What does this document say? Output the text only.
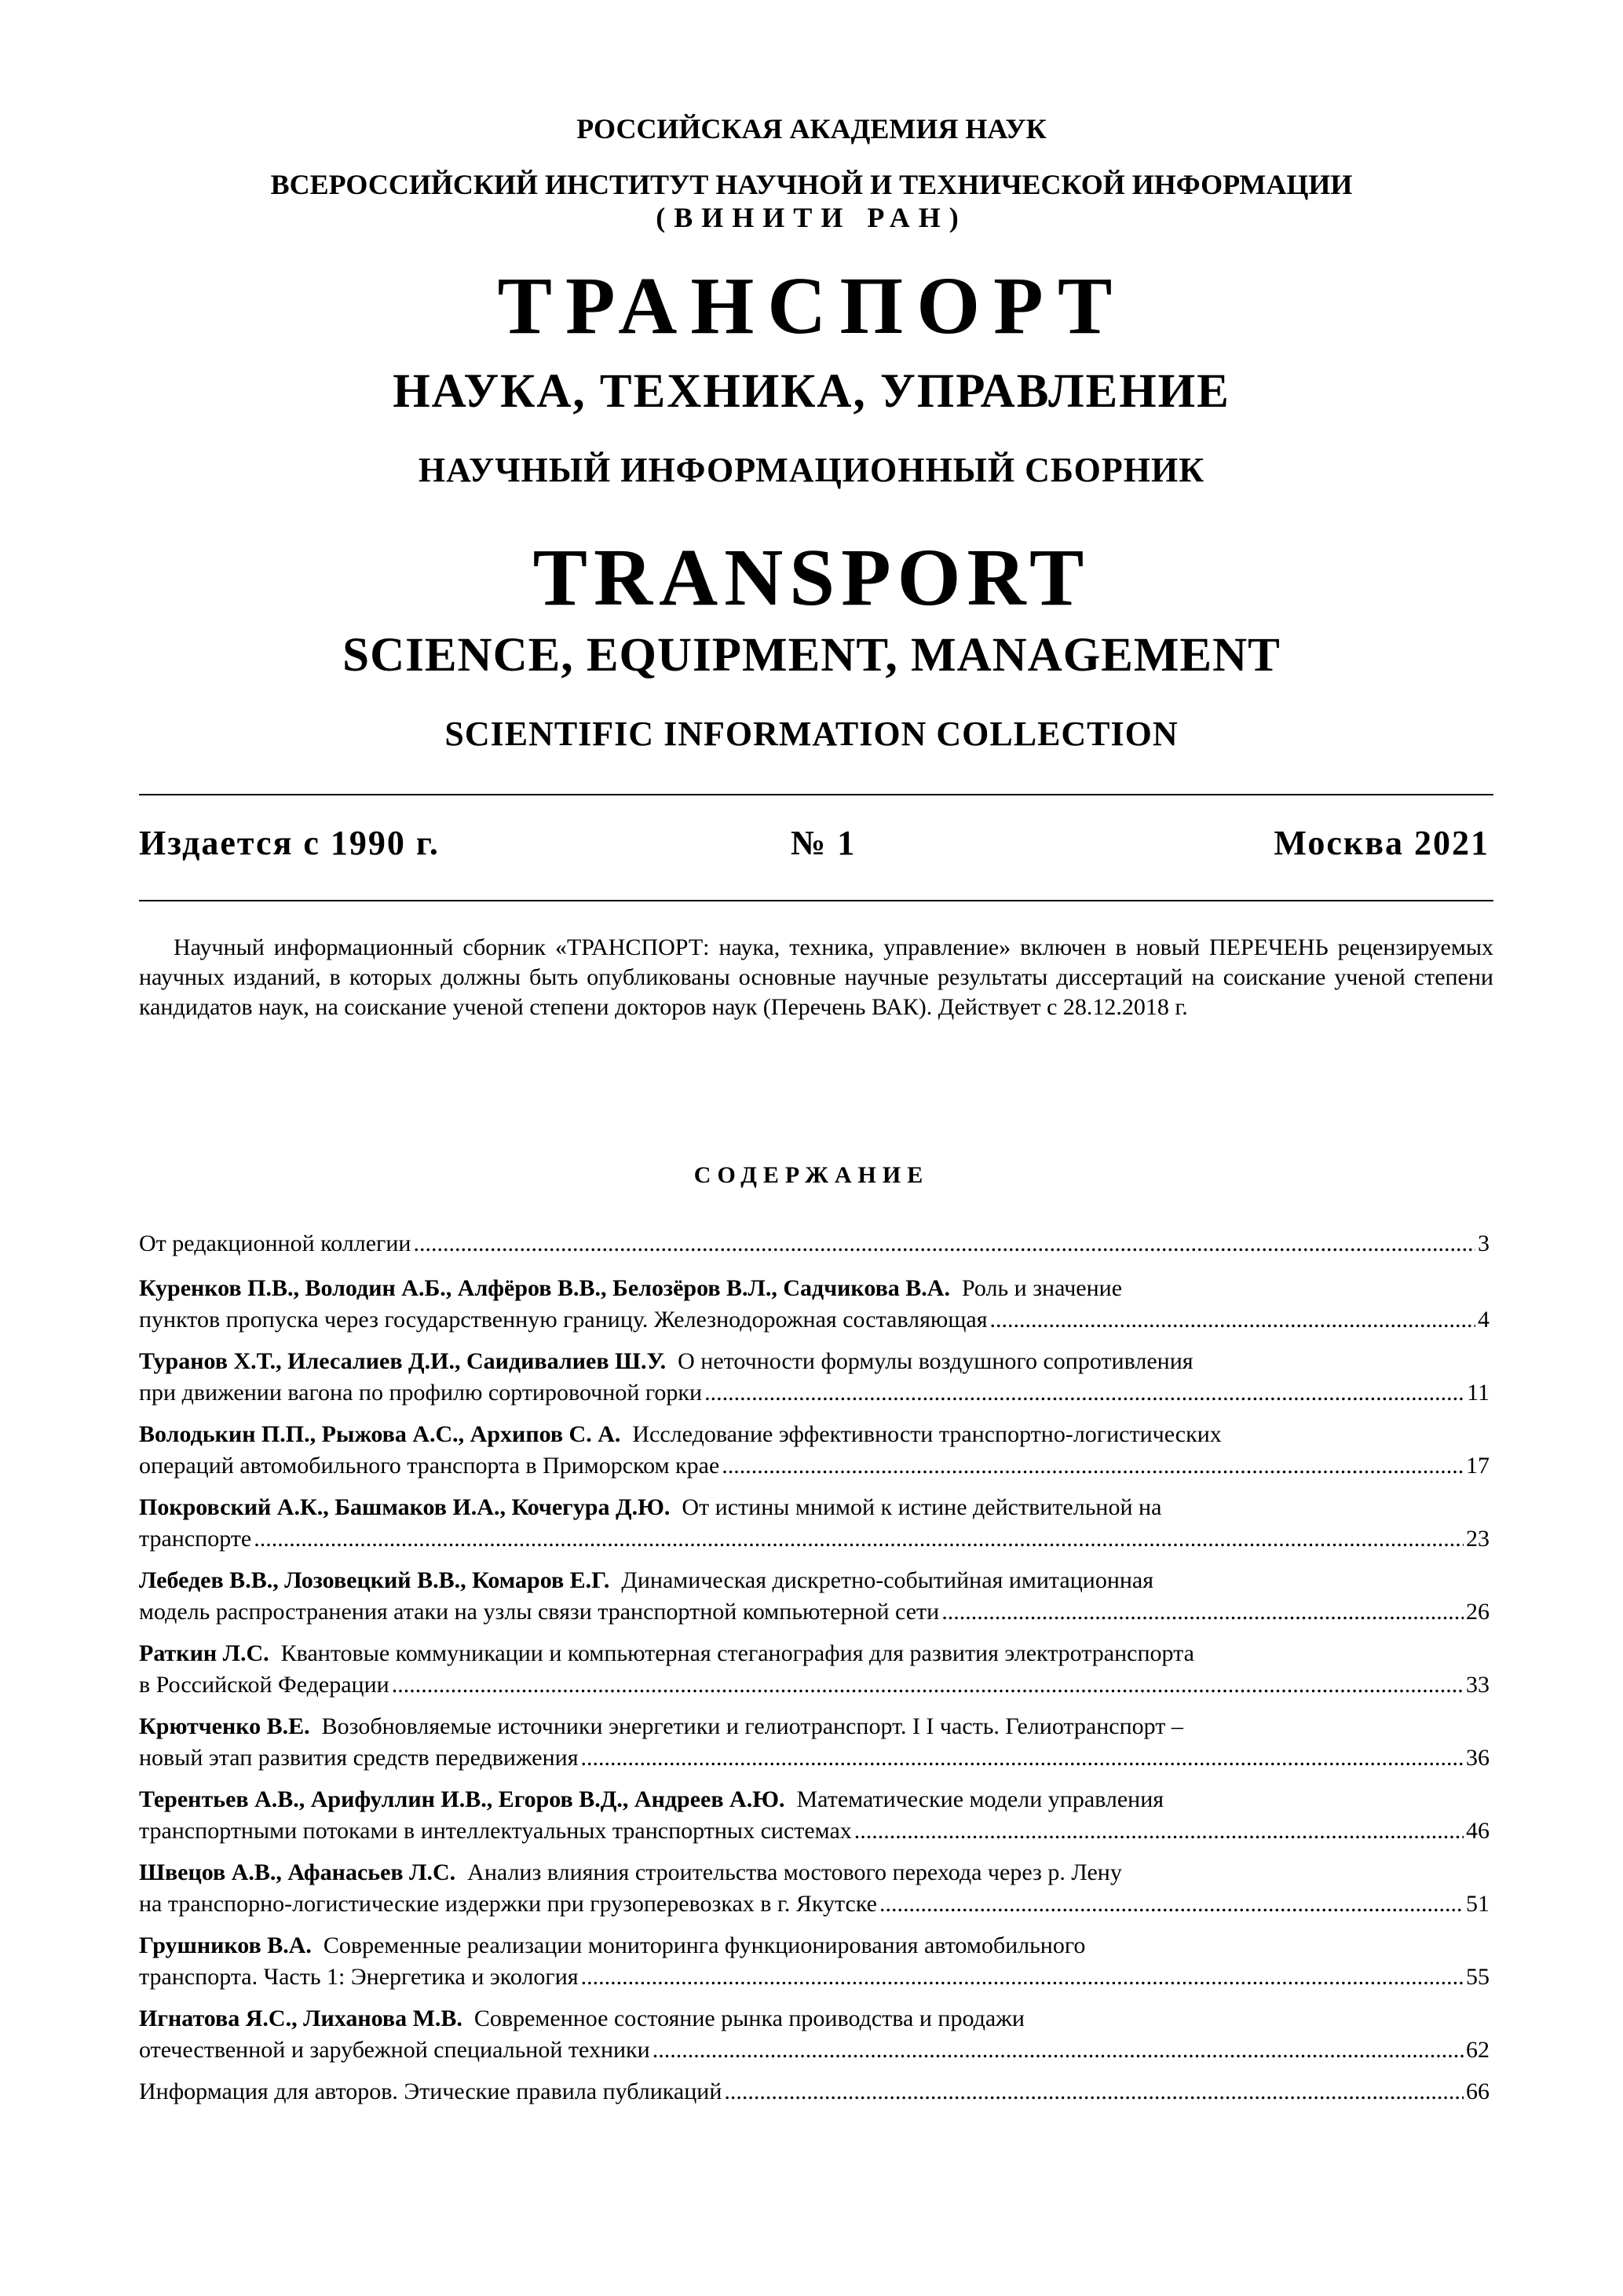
РОССИЙСКАЯ АКАДЕМИЯ НАУК
ВСЕРОССИЙСКИЙ ИНСТИТУТ НАУЧНОЙ И ТЕХНИЧЕСКОЙ ИНФОРМАЦИИ
(ВИНИТИ РАН)
ТРАНСПОРТ
НАУКА, ТЕХНИКА, УПРАВЛЕНИЕ
НАУЧНЫЙ ИНФОРМАЦИОННЫЙ СБОРНИК
TRANSPORT
SCIENCE, EQUIPMENT, MANAGEMENT
SCIENTIFIC INFORMATION COLLECTION
Издается с 1990 г.	№ 1	Москва 2021
Научный информационный сборник «ТРАНСПОРТ: наука, техника, управление» включен в новый ПЕРЕЧЕНЬ рецензируемых научных изданий, в которых должны быть опубликованы основные научные результаты диссертаций на соискание ученой степени кандидатов наук, на соискание ученой степени докторов наук (Перечень ВАК). Действует с 28.12.2018 г.
СОДЕРЖАНИЕ
От редакционной коллегии .....	3
Куренков П.В., Володин А.Б., Алфёров В.В., Белозёров В.Л., Садчикова В.А. Роль и значение
пунктов пропуска через государственную границу. Железнодорожная составляющая .....	4
Туранов Х.Т., Илесалиев Д.И., Саидивалиев Ш.У. О неточности формулы воздушного сопротивления
при движении вагона по профилю сортировочной горки .....	11
Володькин П.П., Рыжова А.С., Архипов С. А. Исследование эффективности транспортно-логистических
операций автомобильного транспорта в Приморском крае .....	17
Покровский А.К., Башмаков И.А., Кочегура Д.Ю. От истины мнимой к истине действительной на
транспорте .....	23
Лебедев В.В., Лозовецкий В.В., Комаров Е.Г. Динамическая дискретно-событийная имитационная
модель распространения атаки на узлы связи транспортной компьютерной сети .....	26
Раткин Л.С. Квантовые коммуникации и компьютерная стеганография для развития электротранспорта
в Российской Федерации .....	33
Крютченко В.Е. Возобновляемые источники энергетики и гелиотранспорт. I I часть. Гелиотранспорт –
новый этап развития средств передвижения .....	36
Терентьев А.В., Арифуллин И.В., Егоров В.Д., Андреев А.Ю. Математические модели управления
транспортными потоками в интеллектуальных транспортных системах .....	46
Швецов А.В., Афанасьев Л.С. Анализ влияния строительства мостового перехода через р. Лену
на транспорно-логистические издержки при грузоперевозках в г. Якутске .....	51
Грушников В.А. Современные реализации мониторинга функционирования автомобильного
транспорта. Часть 1: Энергетика и экология .....	55
Игнатова Я.С., Лиханова М.В. Современное состояние рынка проиводства и продажи
отечественной и зарубежной специальной техники .....	62
Информация для авторов. Этические правила публикаций .....	66
